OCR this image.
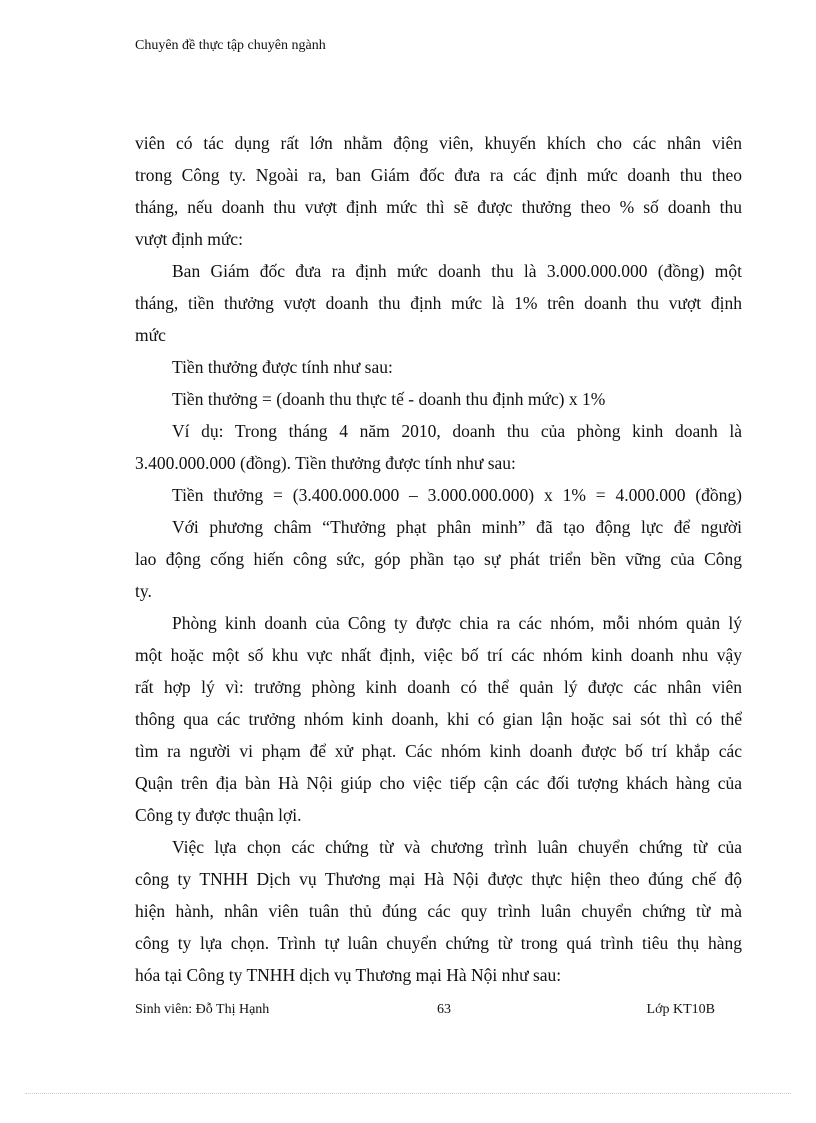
Chuyên đề thực tập chuyên ngành
viên có tác dụng rất lớn nhằm động viên, khuyến khích cho các nhân viên
trong Công ty. Ngoài ra, ban Giám đốc đưa ra các định mức doanh thu theo
tháng, nếu doanh thu vượt định mức thì sẽ được thưởng theo % số doanh thu
vượt định mức:
Ban Giám đốc đưa ra định mức doanh thu là 3.000.000.000 (đồng) một
tháng, tiền thưởng vượt doanh thu định mức là 1% trên doanh thu vượt định
mức
Tiền thưởng được tính như sau:
Tiền thưởng = (doanh thu thực tế - doanh thu định mức) x 1%
Ví dụ: Trong tháng 4 năm 2010, doanh thu của phòng kinh doanh là
3.400.000.000 (đồng). Tiền thưởng được tính như sau:
Tiền thưởng = (3.400.000.000 – 3.000.000.000) x 1% = 4.000.000 (đồng)
Với phương châm “Thưởng phạt phân minh” đã tạo động lực để người
lao động cống hiến công sức, góp phần tạo sự phát triển bền vững của Công
ty.
Phòng kinh doanh của Công ty được chia ra các nhóm, mỗi nhóm quản lý
một hoặc một số khu vực nhất định, việc bố trí các nhóm kinh doanh nhu vậy
rất hợp lý vì: trưởng phòng kinh doanh có thể quản lý được các nhân viên
thông qua các trưởng nhóm kinh doanh, khi có gian lận hoặc sai sót thì có thể
tìm ra người vi phạm để xử phạt. Các nhóm kinh doanh được bố trí khắp các
Quận trên địa bàn Hà Nội giúp cho việc tiếp cận các đối tượng khách hàng của
Công ty được thuận lợi.
Việc lựa chọn các chứng từ và chương trình luân chuyển chứng từ của
công ty TNHH Dịch vụ Thương mại Hà Nội được thực hiện theo đúng chế độ
hiện hành, nhân viên tuân thủ đúng các quy trình luân chuyển chứng từ mà
công ty lựa chọn. Trình tự luân chuyển chứng từ trong quá trình tiêu thụ hàng
hóa tại Công ty TNHH dịch vụ Thương mại Hà Nội như sau:
Sinh viên: Đỗ Thị Hạnh	63	Lớp KT10B
